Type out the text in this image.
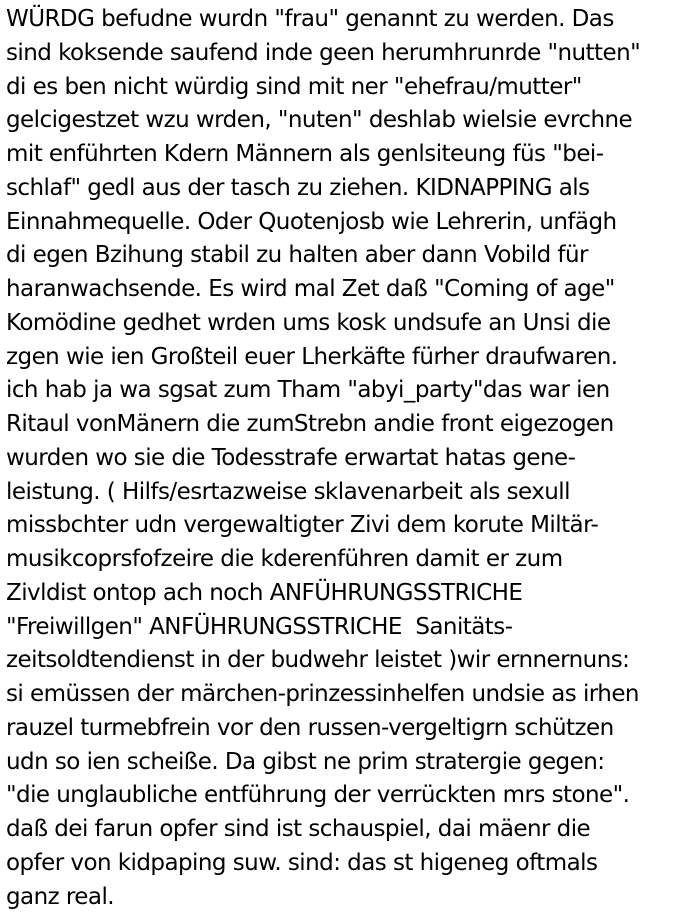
WÜRDG befudne wurdn "frau" genannt zu werden. Das
sind koksende saufend inde geen herumhrunrde "nutten"
di es ben nicht würdig sind mit ner "ehefrau/mutter"
gelcigestzet wzu wrden, "nuten" deshlab wielsie evrchne
mit enführten Kdern Männern als genlsiteung füs "bei-
schlaf" gedl aus der tasch zu ziehen. KIDNAPPING als
Einnahmequelle. Oder Quotenjosb wie Lehrerin, unfägh
di egen Bzihung stabil zu halten aber dann Vobild für
haranwachsende. Es wird mal Zet daß "Coming of age"
Komödine gedhet wrden ums kosk undsufe an Unsi die
zgen wie ien Großteil euer Lherkäfte fürher draufwaren.
ich hab ja wa sgsat zum Tham "abyi_party"das war ien
Ritaul vonMänern die zumStrebn andie front eigezogen
wurden wo sie die Todesstrafe erwartat hatas gene-
leistung. ( Hilfs/esrtazweise sklavenarbeit als sexull
missbchter udn vergewaltigter Zivi dem korute Miltär-
musikcoprsfofzeire die kderenführen damit er zum
Zivldist ontop ach noch ANFÜHRUNGSSTRICHE
"Freiwillgen" ANFÜHRUNGSSTRICHE  Sanitäts-
zeitsoldtendienst in der budwehr leistet )wir ernnernuns:
si emüssen der märchen-prinzessinhelfen undsie as irhen
rauzel turmebfrein vor den russen-vergeltigrn schützen
udn so ien scheiße. Da gibst ne prim stratergie gegen:
"die unglaubliche entführung der verrückten mrs stone".
daß dei farun opfer sind ist schauspiel, dai mäenr die
opfer von kidpaping suw. sind: das st higeneg oftmals
ganz real.
